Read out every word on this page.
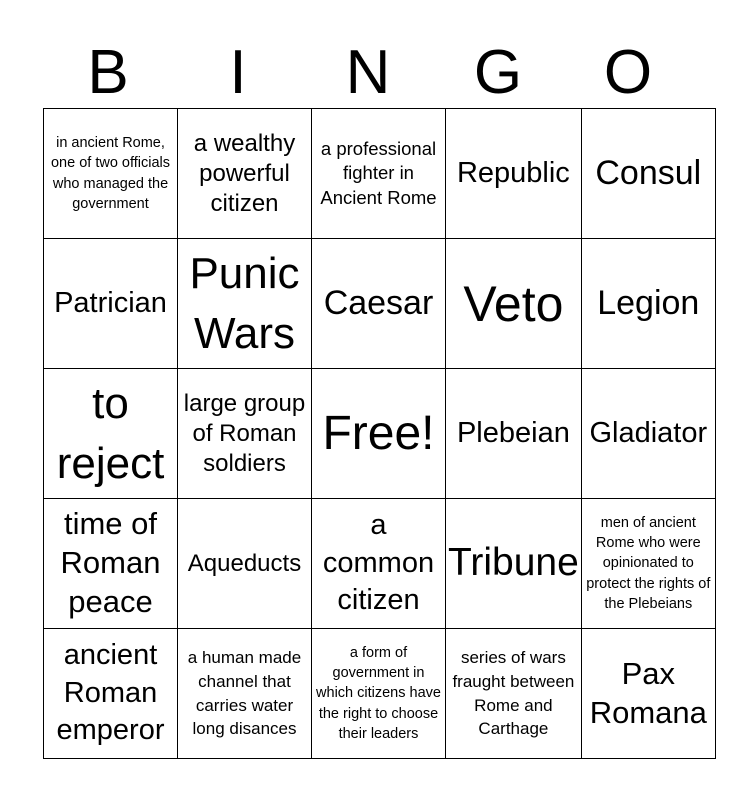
B	I	N	G	O
in ancient Rome, one of two officials who managed the government	a wealthy powerful citizen	a professional fighter in Ancient Rome	Republic	Consul
Patrician	Punic Wars	Caesar	Veto	Legion
to reject	large group of Roman soldiers	Free!	Plebeian	Gladiator
time of Roman peace	Aqueducts	a common citizen	Tribune	men of ancient Rome who were opinionated to protect the rights of the Plebeians
ancient Roman emperor	a human made channel that carries water long disances	a form of government in which citizens have the right to choose their leaders	series of wars fraught between Rome and Carthage	Pax Romana
